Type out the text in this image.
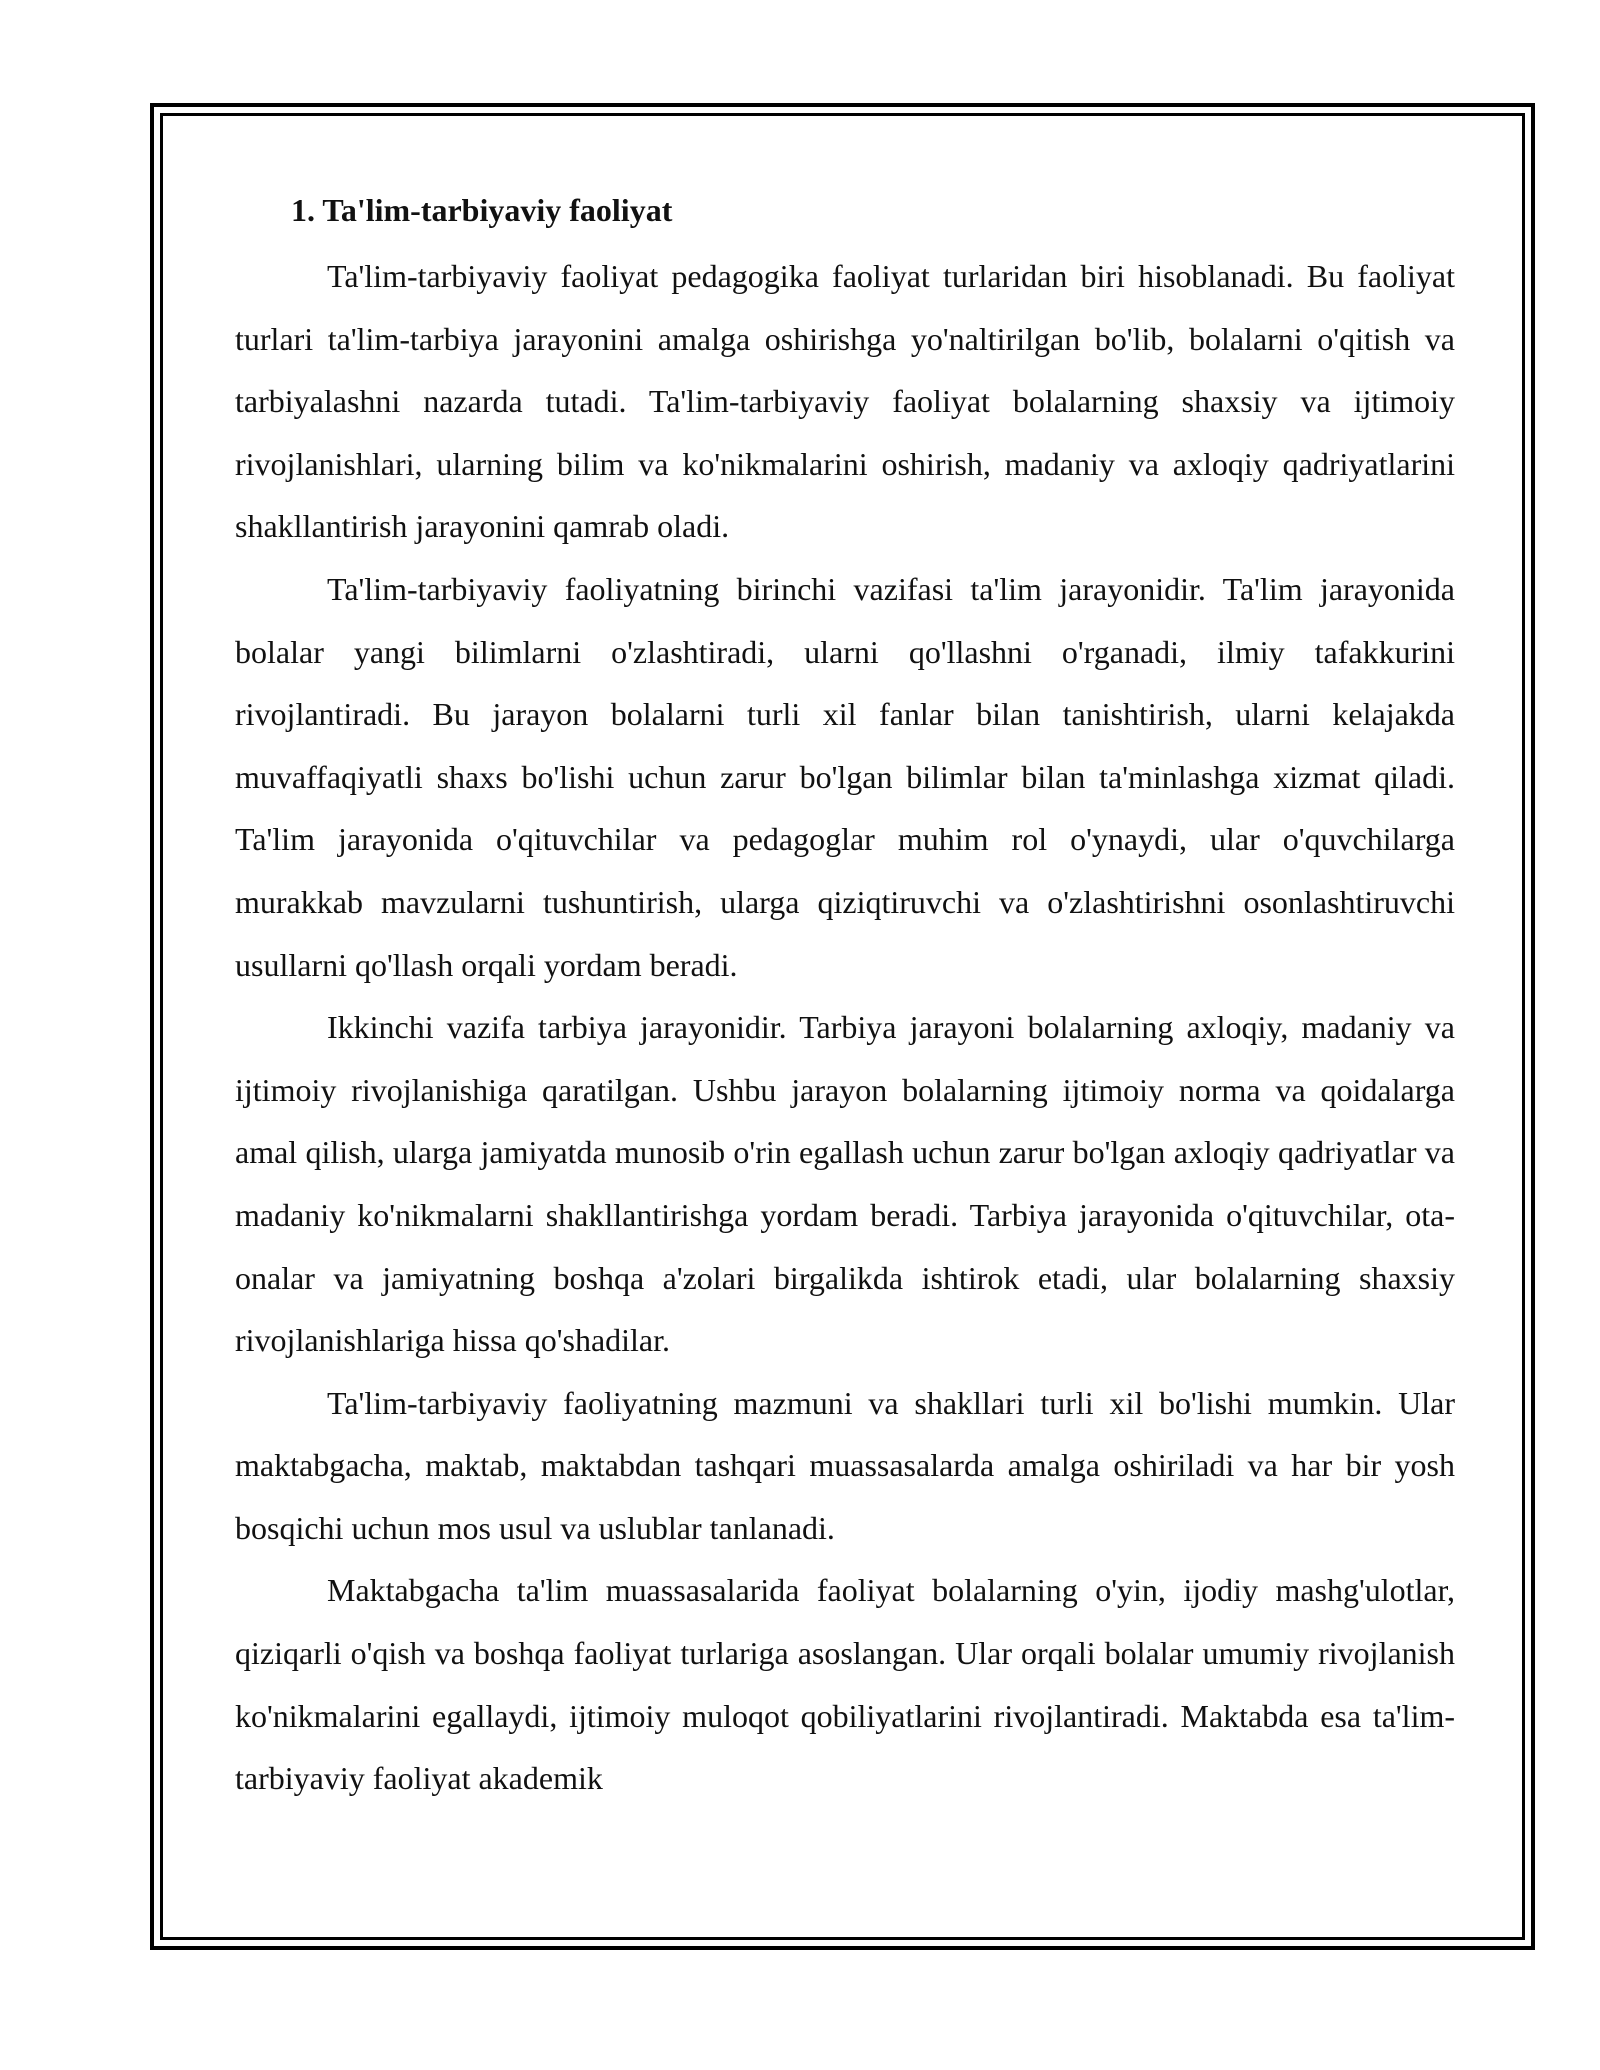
1. Ta'lim-tarbiyaviy faoliyat

Ta'lim-tarbiyaviy faoliyat pedagogika faoliyat turlaridan biri hisoblanadi. Bu faoliyat turlari ta'lim-tarbiya jarayonini amalga oshirishga yo'naltirilgan bo'lib, bolalarni o'qitish va tarbiyalashni nazarda tutadi. Ta'lim-tarbiyaviy faoliyat bolalarning shaxsiy va ijtimoiy rivojlanishlari, ularning bilim va ko'nikmalarini oshirish, madaniy va axloqiy qadriyatlarini shakllantirish jarayonini qamrab oladi.

Ta'lim-tarbiyaviy faoliyatning birinchi vazifasi ta'lim jarayonidir. Ta'lim jarayonida bolalar yangi bilimlarni o'zlashtiradi, ularni qo'llashni o'rganadi, ilmiy tafakkurini rivojlantiradi. Bu jarayon bolalarni turli xil fanlar bilan tanishtirish, ularni kelajakda muvaffaqiyatli shaxs bo'lishi uchun zarur bo'lgan bilimlar bilan ta'minlashga xizmat qiladi. Ta'lim jarayonida o'qituvchilar va pedagoglar muhim rol o'ynaydi, ular o'quvchilarga murakkab mavzularni tushuntirish, ularga qiziqtiruvchi va o'zlashtirishni osonlashtiruvchi usullarni qo'llash orqali yordam beradi.

Ikkinchi vazifa tarbiya jarayonidir. Tarbiya jarayoni bolalarning axloqiy, madaniy va ijtimoiy rivojlanishiga qaratilgan. Ushbu jarayon bolalarning ijtimoiy norma va qoidalarga amal qilish, ularga jamiyatda munosib o'rin egallash uchun zarur bo'lgan axloqiy qadriyatlar va madaniy ko'nikmalarni shakllantirishga yordam beradi. Tarbiya jarayonida o'qituvchilar, ota-onalar va jamiyatning boshqa a'zolari birgalikda ishtirok etadi, ular bolalarning shaxsiy rivojlanishlariga hissa qo'shadilar.

Ta'lim-tarbiyaviy faoliyatning mazmuni va shakllari turli xil bo'lishi mumkin. Ular maktabgacha, maktab, maktabdan tashqari muassasalarda amalga oshiriladi va har bir yosh bosqichi uchun mos usul va uslublar tanlanadi.

Maktabgacha ta'lim muassasalarida faoliyat bolalarning o'yin, ijodiy mashg'ulotlar, qiziqarli o'qish va boshqa faoliyat turlariga asoslangan. Ular orqali bolalar umumiy rivojlanish ko'nikmalarini egallaydi, ijtimoiy muloqot qobiliyatlarini rivojlantiradi. Maktabda esa ta'lim-tarbiyaviy faoliyat akademik
